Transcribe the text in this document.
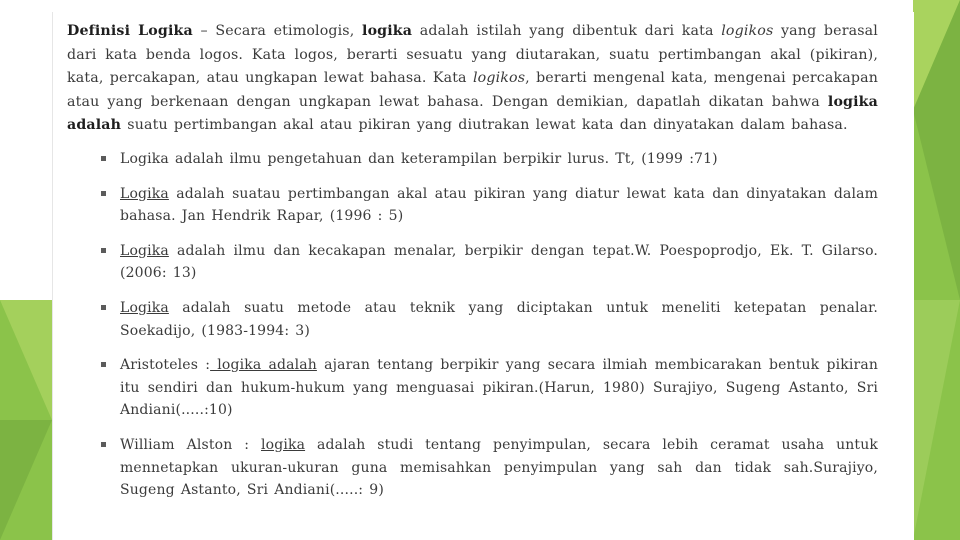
Definisi Logika – Secara etimologis, logika adalah istilah yang dibentuk dari kata logikos yang berasal dari kata benda logos. Kata logos, berarti sesuatu yang diutarakan, suatu pertimbangan akal (pikiran), kata, percakapan, atau ungkapan lewat bahasa. Kata logikos, berarti mengenal kata, mengenai percakapan atau yang berkenaan dengan ungkapan lewat bahasa. Dengan demikian, dapatlah dikatan bahwa logika adalah suatu pertimbangan akal atau pikiran yang diutrakan lewat kata dan dinyatakan dalam bahasa.

Logika adalah ilmu pengetahuan dan keterampilan berpikir lurus. Tt, (1999 :71)
Logika adalah suatau pertimbangan akal atau pikiran yang diatur lewat kata dan dinyatakan dalam bahasa. Jan Hendrik Rapar, (1996 : 5)
Logika adalah ilmu dan kecakapan menalar, berpikir dengan tepat.W. Poespoprodjo, Ek. T. Gilarso. (2006: 13)
Logika adalah suatu metode atau teknik yang diciptakan untuk meneliti ketepatan penalar. Soekadijo, (1983-1994: 3)
Aristoteles : logika adalah ajaran tentang berpikir yang secara ilmiah membicarakan bentuk pikiran itu sendiri dan hukum-hukum yang menguasai pikiran.(Harun, 1980) Surajiyo, Sugeng Astanto, Sri Andiani(.....:10)
William Alston : logika adalah studi tentang penyimpulan, secara lebih ceramat usaha untuk mennetapkan ukuran-ukuran guna memisahkan penyimpulan yang sah dan tidak sah.Surajiyo, Sugeng Astanto, Sri Andiani(.....: 9)
